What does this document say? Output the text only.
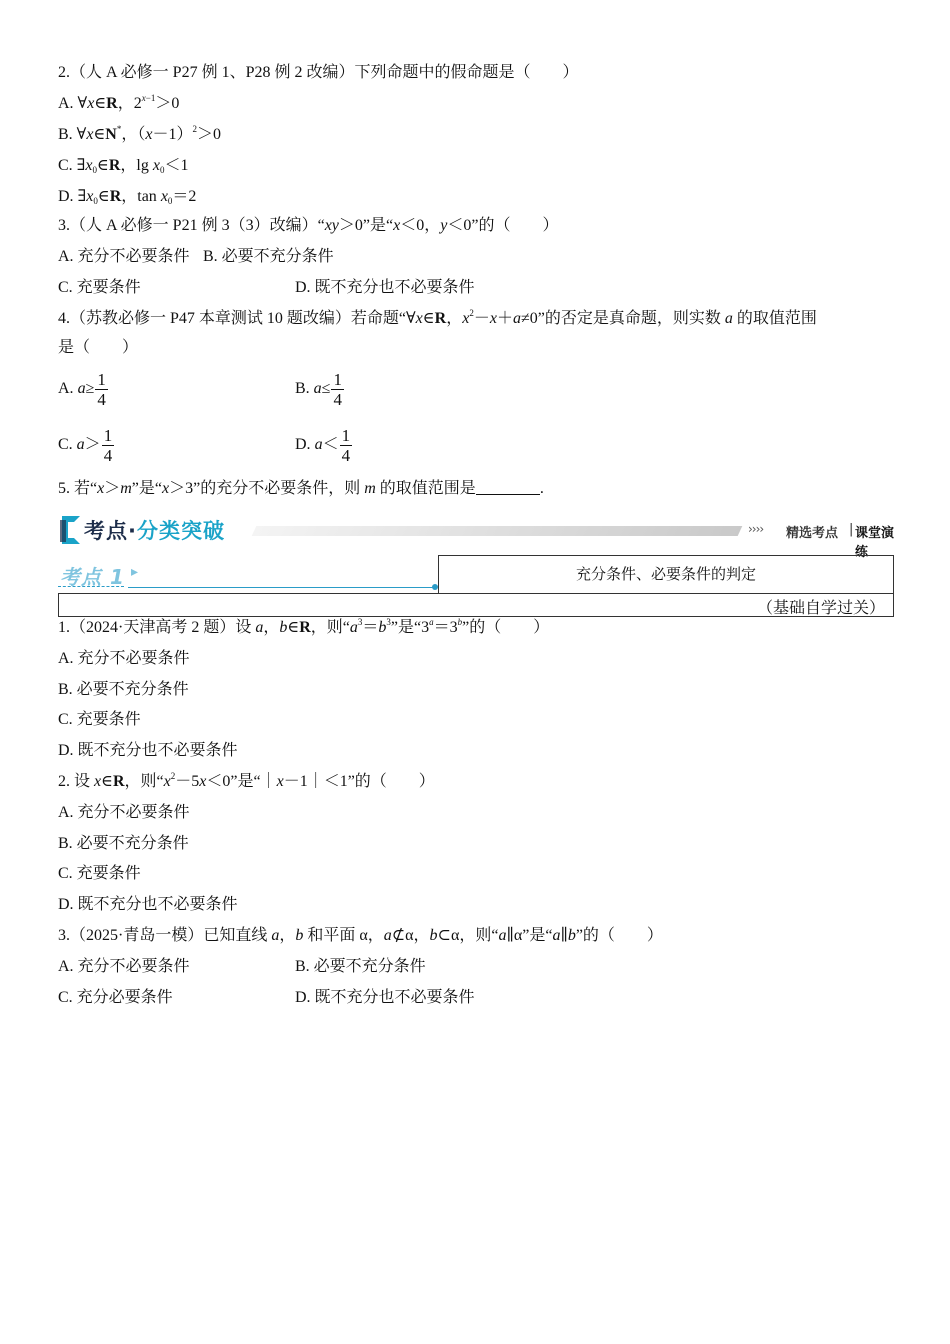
2.（人 A 必修一 P27 例 1、P28 例 2 改编）下列命题中的假命题是（　　）
A. ∀x∈R，$2^{x-1}>0$
B. ∀x∈N*，$(x-1)^2>0$
C. $\exists x_0\in R$，$\lg x_0<1$
D. $\exists x_0\in R$，$\tan x_0=2$
3.（人 A 必修一 P21 例 3（3）改编）“xy＞0”是“x＜0，y＜0”的（　　）
A. 充分不必要条件 B. 必要不充分条件
C. 充要条件	D. 既不充分也不必要条件
4.（苏教必修一 P47 本章测试 10 题改编）若命题“∀x∈R，$x^2-x+a\ne 0$”的否定是真命题，则实数 a 的取值范围
是（　　）
A. $a\ge \frac{1}{4}$	B. $a\le \frac{1}{4}$
C. $a> \frac{1}{4}$	D. $a< \frac{1}{4}$
5. 若“x＞m”是“x＞3”的充分不必要条件，则 m 的取值范围是	.
考点·分类突破	›››› 精选考点 | 课堂演练
考点 1 ▸	充分条件、必要条件的判定
（基础自学过关）
1.（2024·天津高考 2 题）设 a，b∈R，则“$a^3=b^3$”是“$3^a=3^b$”的（　　）
A. 充分不必要条件
B. 必要不充分条件
C. 充要条件
D. 既不充分也不必要条件
2. 设 x∈R，则“$x^2-5x<0$”是“｜x－1｜＜1”的（　　）
A. 充分不必要条件
B. 必要不充分条件
C. 充要条件
D. 既不充分也不必要条件
3.（2025·青岛一模）已知直线 a，b 和平面 α，a⊄α，b⊂α，则“a∥α”是“a∥b”的（　　）
A. 充分不必要条件	B. 必要不充分条件
C. 充分必要条件	D. 既不充分也不必要条件
